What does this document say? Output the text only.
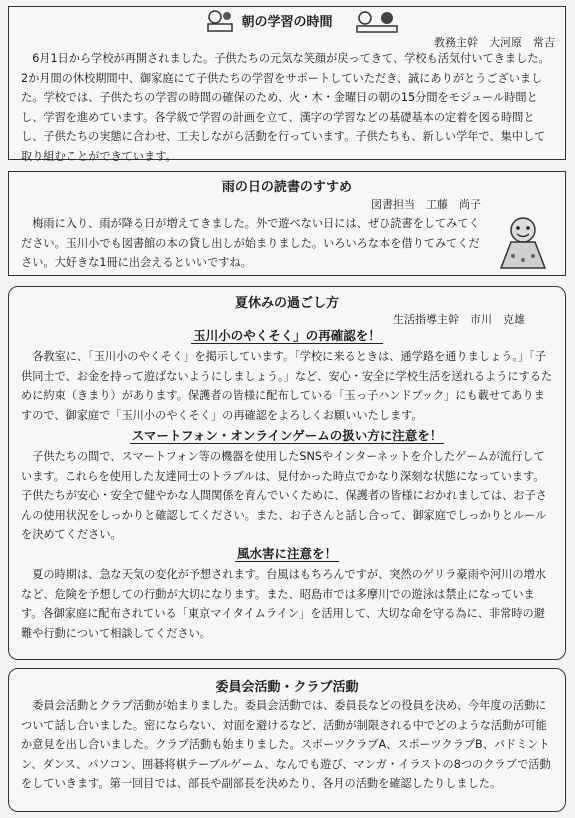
朝の学習の時間
教務主幹　大河原　常吉
6月1日から学校が再開されました。子供たちの元気な笑顔が戻ってきて、学校も活気付いてきました。2か月間の休校期間中、御家庭にて子供たちの学習をサポートしていただき、誠にありがとうございました。学校では、子供たちの学習の時間の確保のため、火・木・金曜日の朝の15分間をモジュール時間とし、学習を進めています。各学級で学習の計画を立て、漢字の学習などの基礎基本の定着を図る時間とし、子供たちの実態に合わせ、工夫しながら活動を行っています。子供たちも、新しい学年で、集中して取り組むことができています。
雨の日の読書のすすめ
図書担当　工藤　尚子
梅雨に入り、雨が降る日が増えてきました。外で遊べない日には、ぜひ読書をしてみてください。玉川小でも図書館の本の貸し出しが始まりました。いろいろな本を借りてみてください。大好きな1冊に出会えるといいですね。
夏休みの過ごし方
生活指導主幹　市川　克雄
玉川小のやくそく」の再確認を！
各教室に、「玉川小のやくそく」を掲示しています。「学校に来るときは、通学路を通りましょう。」「子供同士で、お金を持って遊ばないようにしましょう。」など、安心・安全に学校生活を送れるようにするために約束（きまり）があります。保護者の皆様に配布している「玉っ子ハンドブック」にも載せてありますので、御家庭で「玉川小のやくそく」の再確認をよろしくお願いいたします。
スマートフォン・オンラインゲームの扱い方に注意を！
子供たちの間で、スマートフォン等の機器を使用したSNSやインターネットを介したゲームが流行しています。これらを使用した友達同士のトラブルは、見付かった時点でかなり深刻な状態になっています。子供たちが安心・安全で健やかな人間関係を育んでいくために、保護者の皆様におかれましては、お子さんの使用状況をしっかりと確認してください。また、お子さんと話し合って、御家庭でしっかりとルールを決めてください。
風水害に注意を！
夏の時期は、急な天気の変化が予想されます。台風はもちろんですが、突然のゲリラ豪雨や河川の増水など、危険を予想しての行動が大切になります。また、昭島市では多摩川での遊泳は禁止になっています。各御家庭に配布されている「東京マイタイムライン」を活用して、大切な命を守る為に、非常時の避難や行動について相談してください。
委員会活動・クラブ活動
委員会活動とクラブ活動が始まりました。委員会活動では、委員長などの役員を決め、今年度の活動について話し合いました。密にならない、対面を避けるなど、活動が制限される中でどのような活動が可能か意見を出し合いました。クラブ活動も始まりました。スポーツクラブA、スポーツクラブB、バドミントン、ダンス、パソコン、囲碁将棋テーブルゲーム、なんでも遊び、マンガ・イラストの8つのクラブで活動をしていきます。第一回目では、部長や副部長を決めたり、各月の活動を確認したりしました。
